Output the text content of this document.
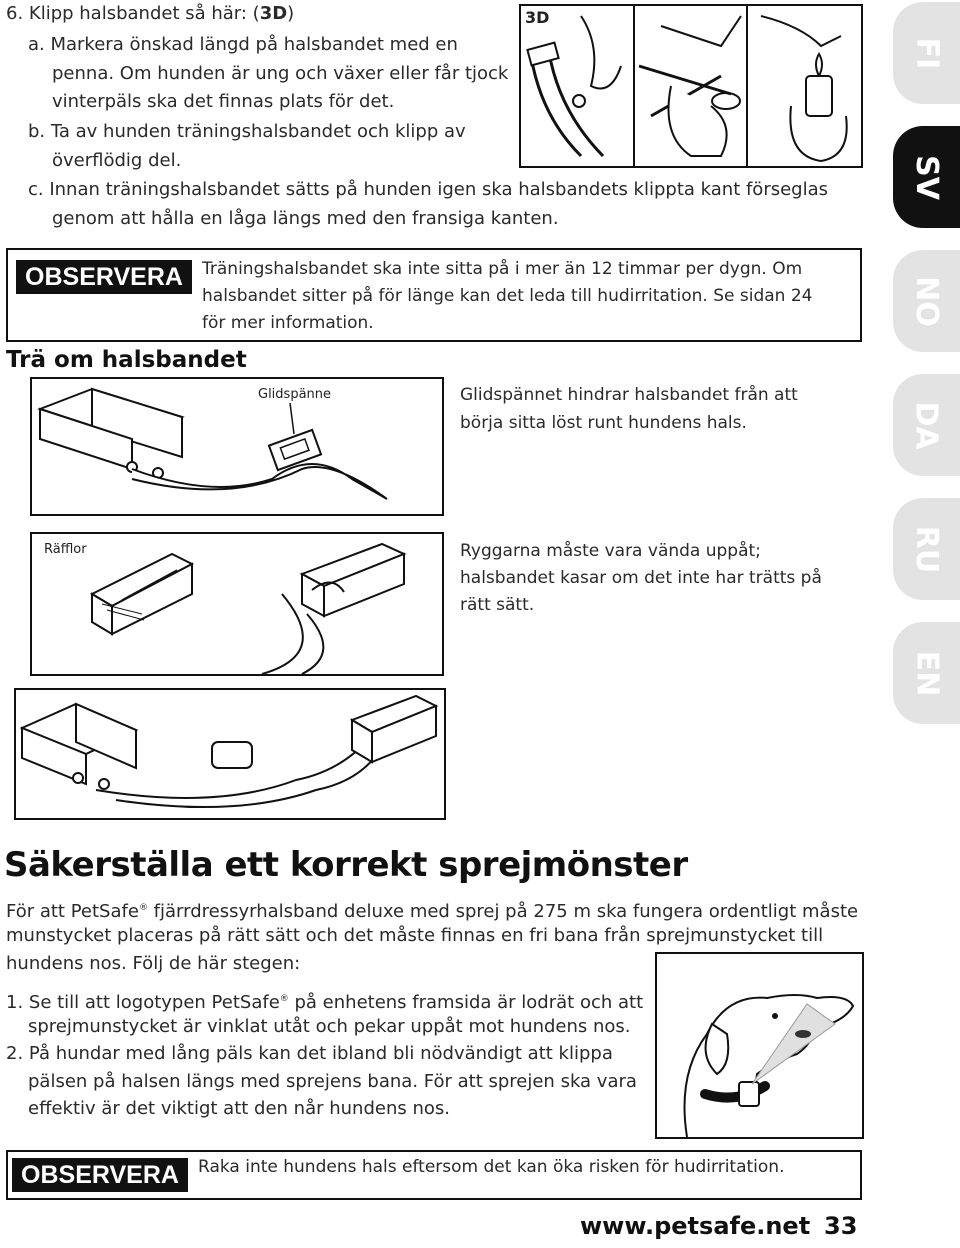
6. Klipp halsbandet så här: (3D)
a. Markera önskad längd på halsbandet med en
penna. Om hunden är ung och växer eller får tjock
vinterpäls ska det finnas plats för det.
b. Ta av hunden träningshalsbandet och klipp av
överflödig del.
c. Innan träningshalsbandet sätts på hunden igen ska halsbandets klippta kant förseglas
genom att hålla en låga längs med den fransiga kanten.
3D
OBSERVERA	Träningshalsbandet ska inte sitta på i mer än 12 timmar per dygn. Om
halsbandet sitter på för länge kan det leda till hudirritation. Se sidan 24
för mer information.
Trä om halsbandet
Glidspänne	Glidspännet hindrar halsbandet från att
börja sitta löst runt hundens hals.
Räfflor	Ryggarna måste vara vända uppåt;
halsbandet kasar om det inte har trätts på
rätt sätt.
Säkerställa ett korrekt sprejmönster
För att PetSafe® fjärrdressyrhalsband deluxe med sprej på 275 m ska fungera ordentligt måste
munstycket placeras på rätt sätt och det måste finnas en fri bana från sprejmunstycket till
hundens nos. Följ de här stegen:
1. Se till att logotypen PetSafe® på enhetens framsida är lodrät och att
sprejmunstycket är vinklat utåt och pekar uppåt mot hundens nos.
2. På hundar med lång päls kan det ibland bli nödvändigt att klippa
pälsen på halsen längs med sprejens bana. För att sprejen ska vara
effektiv är det viktigt att den når hundens nos.
OBSERVERA	Raka inte hundens hals eftersom det kan öka risken för hudirritation.
www.petsafe.net 33
FI
SV
NO
DA
RU
EN
